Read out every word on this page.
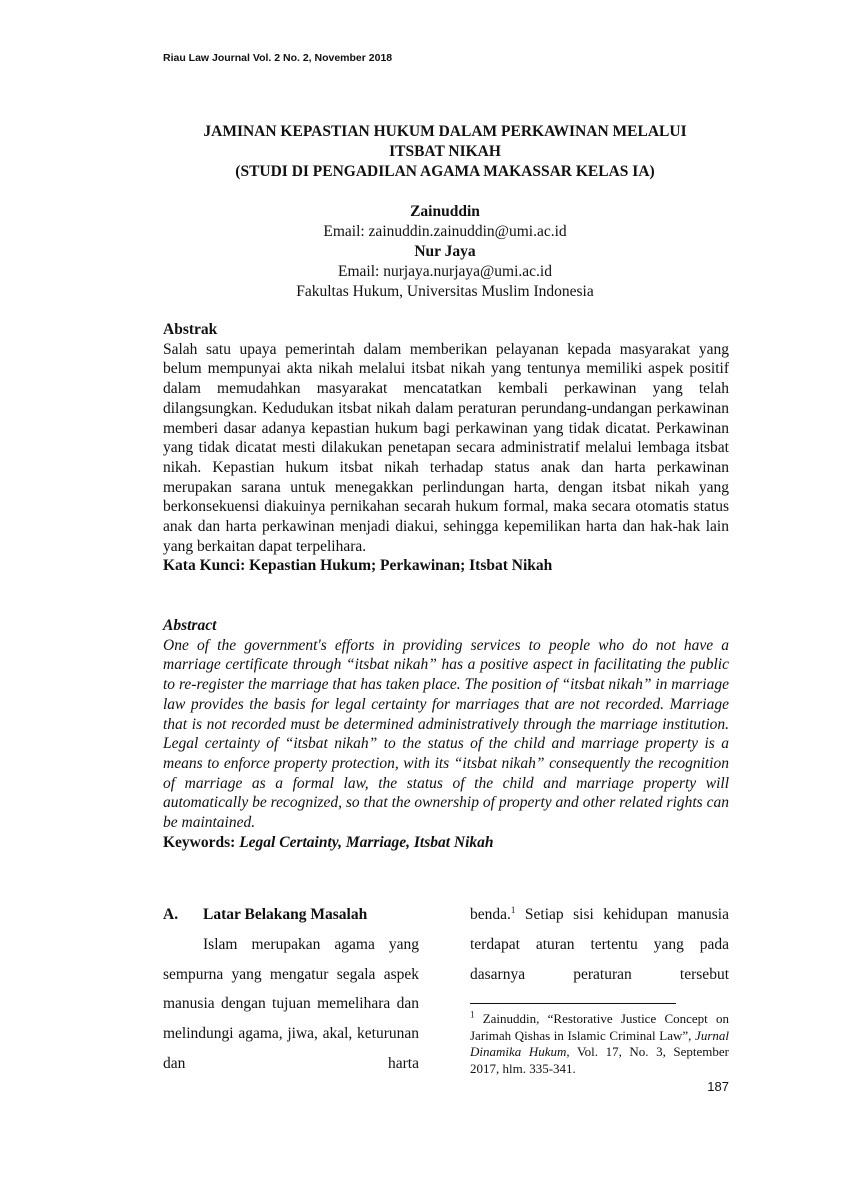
Riau Law Journal Vol. 2 No. 2, November 2018
JAMINAN KEPASTIAN HUKUM DALAM PERKAWINAN MELALUI
ITSBAT NIKAH
(STUDI DI PENGADILAN AGAMA MAKASSAR KELAS IA)
Zainuddin
Email: zainuddin.zainuddin@umi.ac.id
Nur Jaya
Email: nurjaya.nurjaya@umi.ac.id
Fakultas Hukum, Universitas Muslim Indonesia
Abstrak

Salah satu upaya pemerintah dalam memberikan pelayanan kepada masyarakat yang belum mempunyai akta nikah melalui itsbat nikah yang tentunya memiliki aspek positif dalam memudahkan masyarakat mencatatkan kembali perkawinan yang telah dilangsungkan. Kedudukan itsbat nikah dalam peraturan perundang-undangan perkawinan memberi dasar adanya kepastian hukum bagi perkawinan yang tidak dicatat. Perkawinan yang tidak dicatat mesti dilakukan penetapan secara administratif melalui lembaga itsbat nikah. Kepastian hukum itsbat nikah terhadap status anak dan harta perkawinan merupakan sarana untuk menegakkan perlindungan harta, dengan itsbat nikah yang berkonsekuensi diakuinya pernikahan secarah hukum formal, maka secara otomatis status anak dan harta perkawinan menjadi diakui, sehingga kepemilikan harta dan hak-hak lain yang berkaitan dapat terpelihara.

Kata Kunci: Kepastian Hukum; Perkawinan; Itsbat Nikah
Abstract

One of the government's efforts in providing services to people who do not have a marriage certificate through “itsbat nikah” has a positive aspect in facilitating the public to re-register the marriage that has taken place. The position of “itsbat nikah” in marriage law provides the basis for legal certainty for marriages that are not recorded. Marriage that is not recorded must be determined administratively through the marriage institution. Legal certainty of “itsbat nikah” to the status of the child and marriage property is a means to enforce property protection, with its “itsbat nikah” consequently the recognition of marriage as a formal law, the status of the child and marriage property will automatically be recognized, so that the ownership of property and other related rights can be maintained.

Keywords: Legal Certainty, Marriage, Itsbat Nikah
A. Latar Belakang Masalah

Islam merupakan agama yang sempurna yang mengatur segala aspek manusia dengan tujuan memelihara dan melindungi agama, jiwa, akal, keturunan dan harta

benda.$^1$ Setiap sisi kehidupan manusia terdapat aturan tertentu yang pada dasarnya peraturan tersebut

$^1$ Zainuddin, “Restorative Justice Concept on Jarimah Qishas in Islamic Criminal Law”, Jurnal Dinamika Hukum, Vol. 17, No. 3, September 2017, hlm. 335-341.
187
